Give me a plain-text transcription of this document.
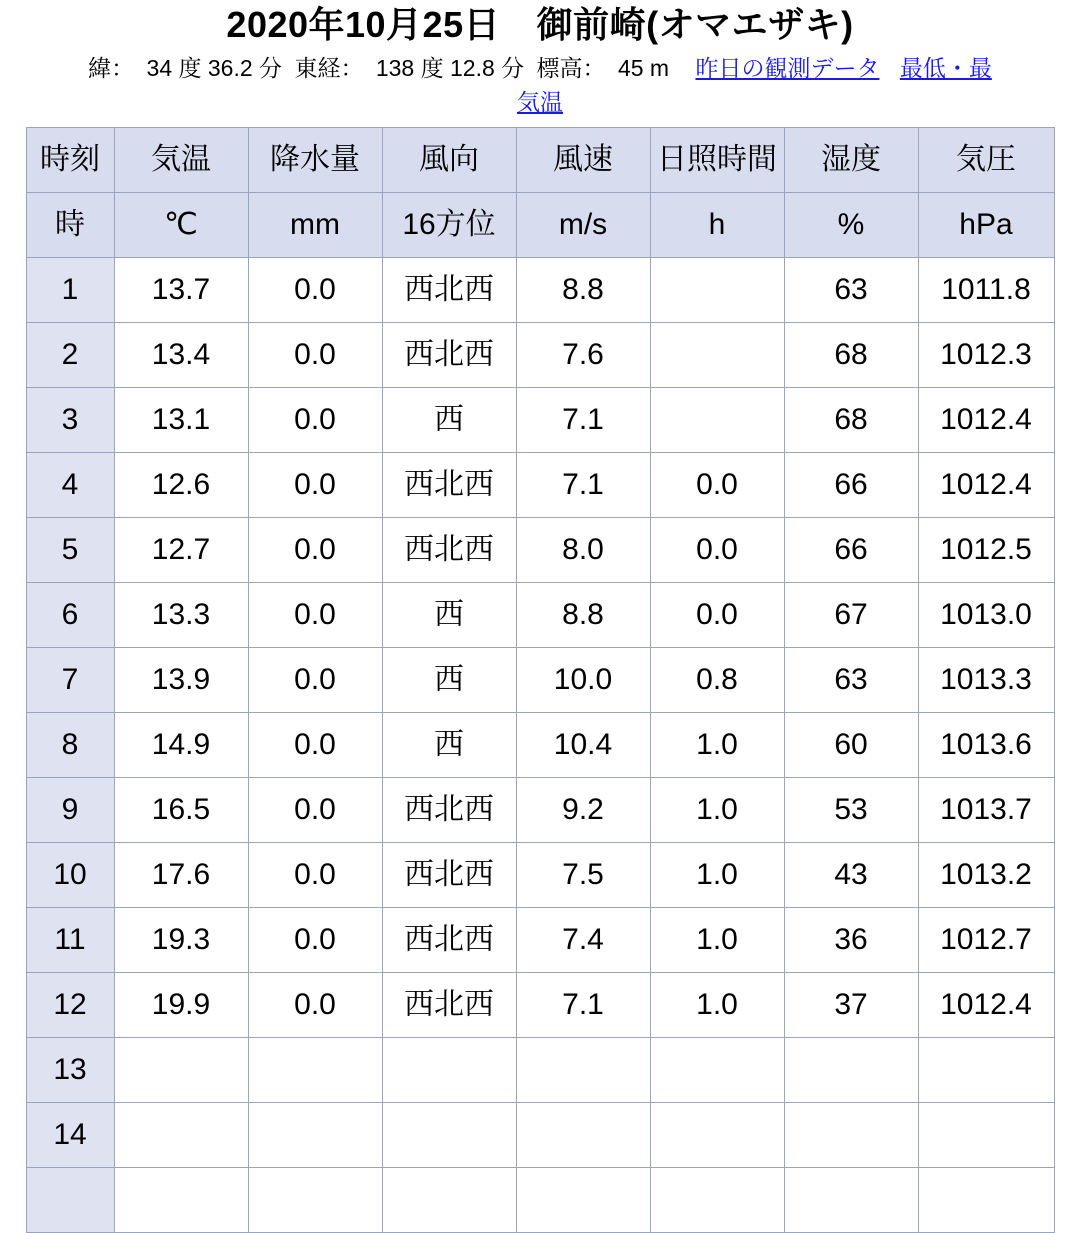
2020年10月25日　御前崎(オマエザキ)
緯： 34 度 36.2 分 東経： 138 度 12.8 分 標高： 45 m 昨日の観測データ 最低・最
気温
時刻	気温	降水量	風向	風速	日照時間	湿度	気圧
時	℃	mm	16方位	m/s	h	%	hPa
1	13.7	0.0	西北西	8.8		63	1011.8
2	13.4	0.0	西北西	7.6		68	1012.3
3	13.1	0.0	西	7.1		68	1012.4
4	12.6	0.0	西北西	7.1	0.0	66	1012.4
5	12.7	0.0	西北西	8.0	0.0	66	1012.5
6	13.3	0.0	西	8.8	0.0	67	1013.0
7	13.9	0.0	西	10.0	0.8	63	1013.3
8	14.9	0.0	西	10.4	1.0	60	1013.6
9	16.5	0.0	西北西	9.2	1.0	53	1013.7
10	17.6	0.0	西北西	7.5	1.0	43	1013.2
11	19.3	0.0	西北西	7.4	1.0	36	1012.7
12	19.9	0.0	西北西	7.1	1.0	37	1012.4
13							
14							
